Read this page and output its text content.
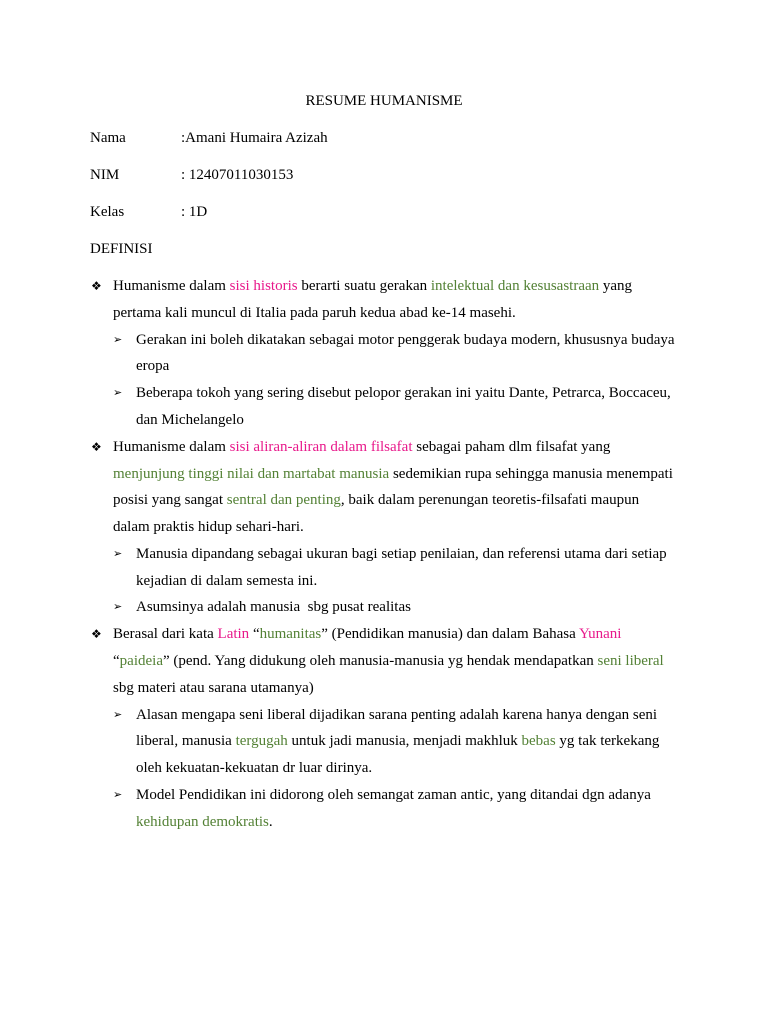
RESUME HUMANISME
Nama	:Amani Humaira Azizah
NIM	: 12407011030153
Kelas	: 1D
DEFINISI
❖ Humanisme dalam sisi historis berarti suatu gerakan intelektual dan kesusastraan yang
pertama kali muncul di Italia pada paruh kedua abad ke-14 masehi.
➢ Gerakan ini boleh dikatakan sebagai motor penggerak budaya modern, khususnya budaya
eropa
➢ Beberapa tokoh yang sering disebut pelopor gerakan ini yaitu Dante, Petrarca, Boccaceu,
dan Michelangelo
❖ Humanisme dalam sisi aliran-aliran dalam filsafat sebagai paham dlm filsafat yang
menjunjung tinggi nilai dan martabat manusia sedemikian rupa sehingga manusia menempati
posisi yang sangat sentral dan penting, baik dalam perenungan teoretis-filsafati maupun
dalam praktis hidup sehari-hari.
➢ Manusia dipandang sebagai ukuran bagi setiap penilaian, dan referensi utama dari setiap
kejadian di dalam semesta ini.
➢ Asumsinya adalah manusia  sbg pusat realitas
❖ Berasal dari kata Latin “humanitas” (Pendidikan manusia) dan dalam Bahasa Yunani
“paideia” (pend. Yang didukung oleh manusia-manusia yg hendak mendapatkan seni liberal
sbg materi atau sarana utamanya)
➢ Alasan mengapa seni liberal dijadikan sarana penting adalah karena hanya dengan seni
liberal, manusia tergugah untuk jadi manusia, menjadi makhluk bebas yg tak terkekang
oleh kekuatan-kekuatan dr luar dirinya.
➢ Model Pendidikan ini didorong oleh semangat zaman antic, yang ditandai dgn adanya
kehidupan demokratis.
